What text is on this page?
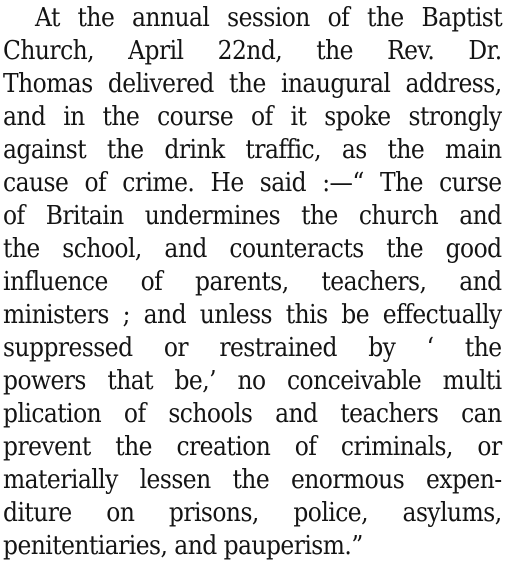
At the annual session of the Baptist
Church, April 22nd, the Rev. Dr.
Thomas delivered the inaugural address,
and in the course of it spoke strongly
against the drink traffic, as the main
cause of crime. He said :—“ The curse
of Britain undermines the church and
the school, and counteracts the good
influence of parents, teachers, and
ministers ; and unless this be effectually
suppressed or restrained by ‘ the
powers that be,’ no conceivable multi
plication of schools and teachers can
prevent the creation of criminals, or
materially lessen the enormous expen-
diture on prisons, police, asylums,
penitentiaries, and pauperism.”
